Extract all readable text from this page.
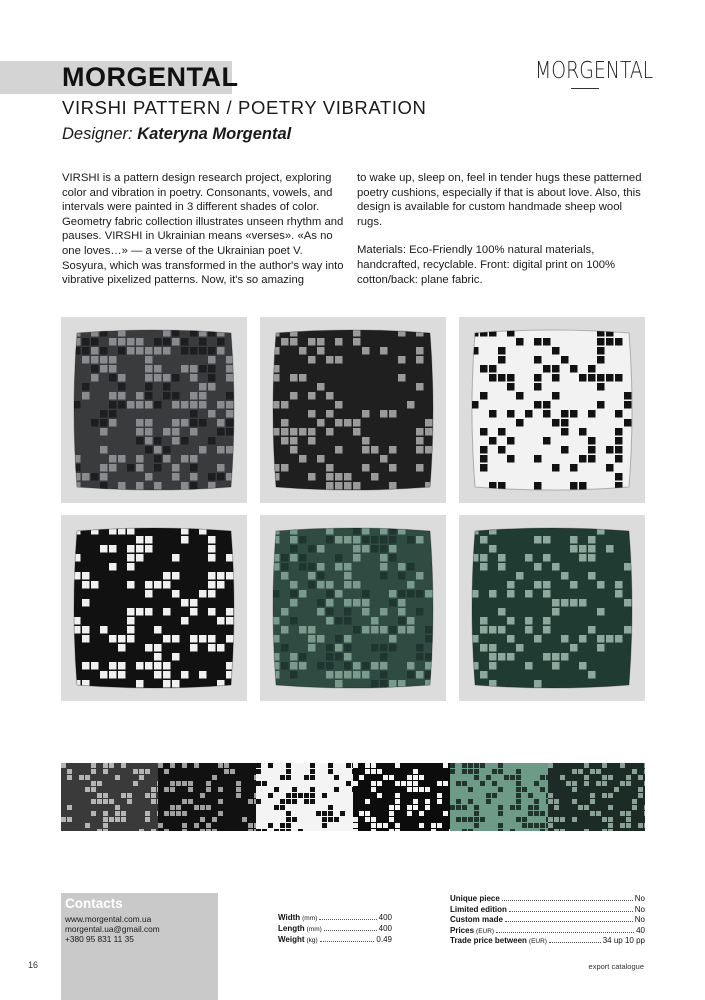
MORGENTAL	MORGENTAL
VIRSHI PATTERN / POETRY VIBRATION
Designer: Kateryna Morgental

VIRSHI is a pattern design research project, exploring color and vibration in poetry. Consonants, vowels, and intervals were painted in 3 different shades of color. Geometry fabric collection illustrates unseen rhythm and pauses. VIRSHI in Ukrainian means «verses». «As no one loves…» — a verse of the Ukrainian poet V. Sosyura, which was transformed in the author's way into vibrative pixelized patterns. Now, it's so amazing

to wake up, sleep on, feel in tender hugs these patterned poetry cushions, especially if that is about love. Also, this design is available for custom handmade sheep wool rugs.

Materials: Eco-Friendly 100% natural materials, handcrafted, recyclable. Front: digital print on 100% cotton/back: plane fabric.

Contacts
www.morgental.com.ua
morgental.ua@gmail.com
+380 95 831 11 35
Width (mm)	400
Length (mm)	400
Weight (kg)	0.49
Unique piece	No
Limited edition	No
Custom made	No
Prices (EUR)	40
Trade price between (EUR)	34 up 10 pp
16	export catalogue
